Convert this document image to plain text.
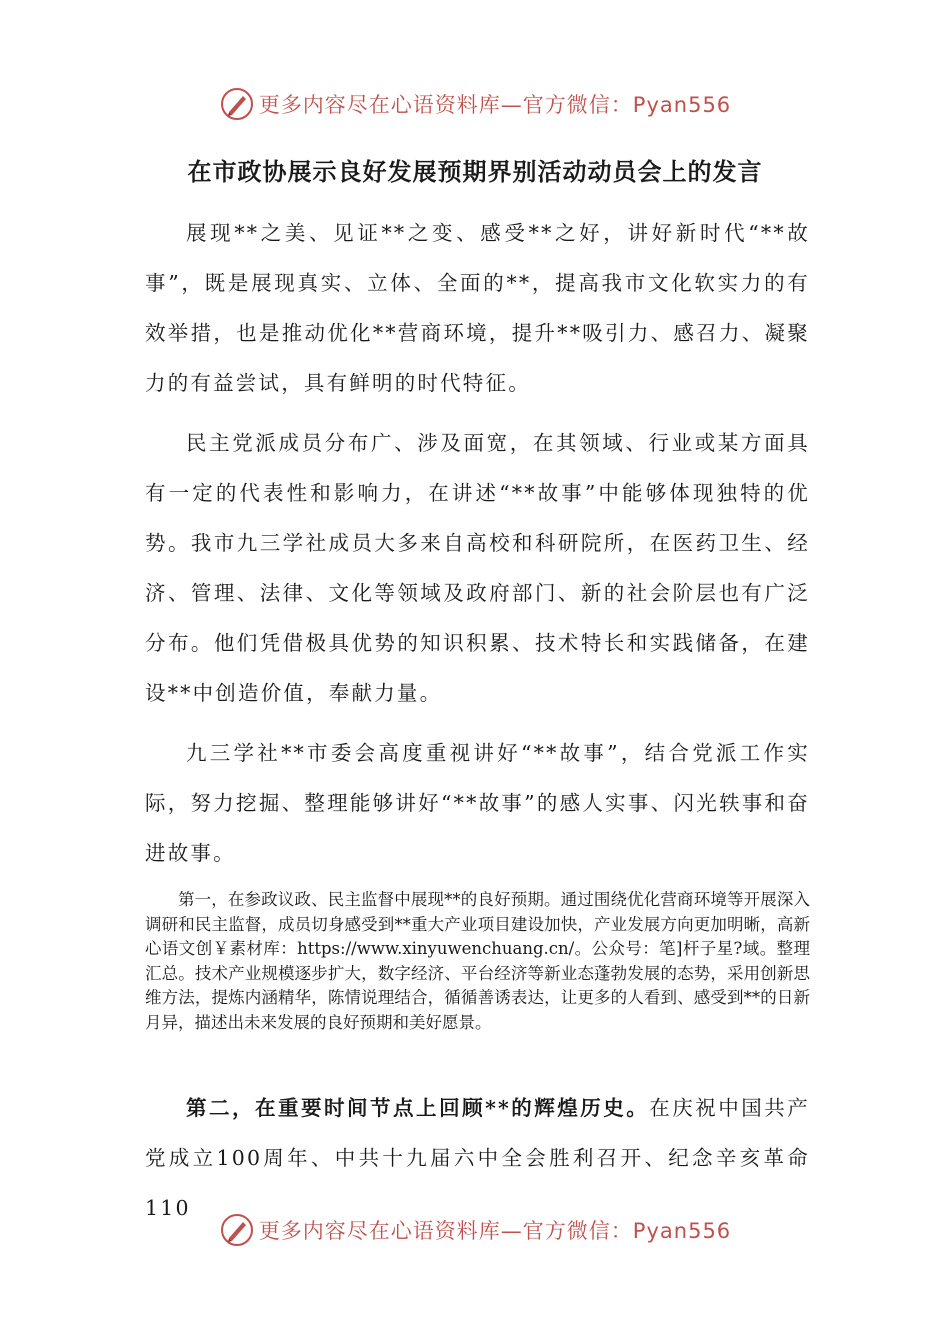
更多内容尽在心语资料库—官方微信：Pyan556
在市政协展示良好发展预期界别活动动员会上的发言

展现**之美、见证**之变、感受**之好，讲好新时代“**故事”，既是展现真实、立体、全面的**，提高我市文化软实力的有效举措，也是推动优化**营商环境，提升**吸引力、感召力、凝聚力的有益尝试，具有鲜明的时代特征。

民主党派成员分布广、涉及面宽，在其领域、行业或某方面具有一定的代表性和影响力，在讲述“**故事”中能够体现独特的优势。我市九三学社成员大多来自高校和科研院所，在医药卫生、经济、管理、法律、文化等领域及政府部门、新的社会阶层也有广泛分布。他们凭借极具优势的知识积累、技术特长和实践储备，在建设**中创造价值，奉献力量。

九三学社**市委会高度重视讲好“**故事”，结合党派工作实际，努力挖掘、整理能够讲好“**故事”的感人实事、闪光轶事和奋进故事。

第一，在参政议政、民主监督中展现**的良好预期。通过围绕优化营商环境等开展深入调研和民主监督，成员切身感受到**重大产业项目建设加快，产业发展方向更加明晰，高新心语文创￥素材库：https://www.xinyuwenchuang.cn/。公众号：笔]杆子星?域。整理汇总。技术产业规模逐步扩大，数字经济、平台经济等新业态蓬勃发展的态势，采用创新思维方法，提炼内涵精华，陈情说理结合，循循善诱表达，让更多的人看到、感受到**的日新月异，描述出未来发展的良好预期和美好愿景。

第二，在重要时间节点上回顾**的辉煌历史。在庆祝中国共产党成立100周年、中共十九届六中全会胜利召开、纪念辛亥革命110

更多内容尽在心语资料库—官方微信：Pyan556
